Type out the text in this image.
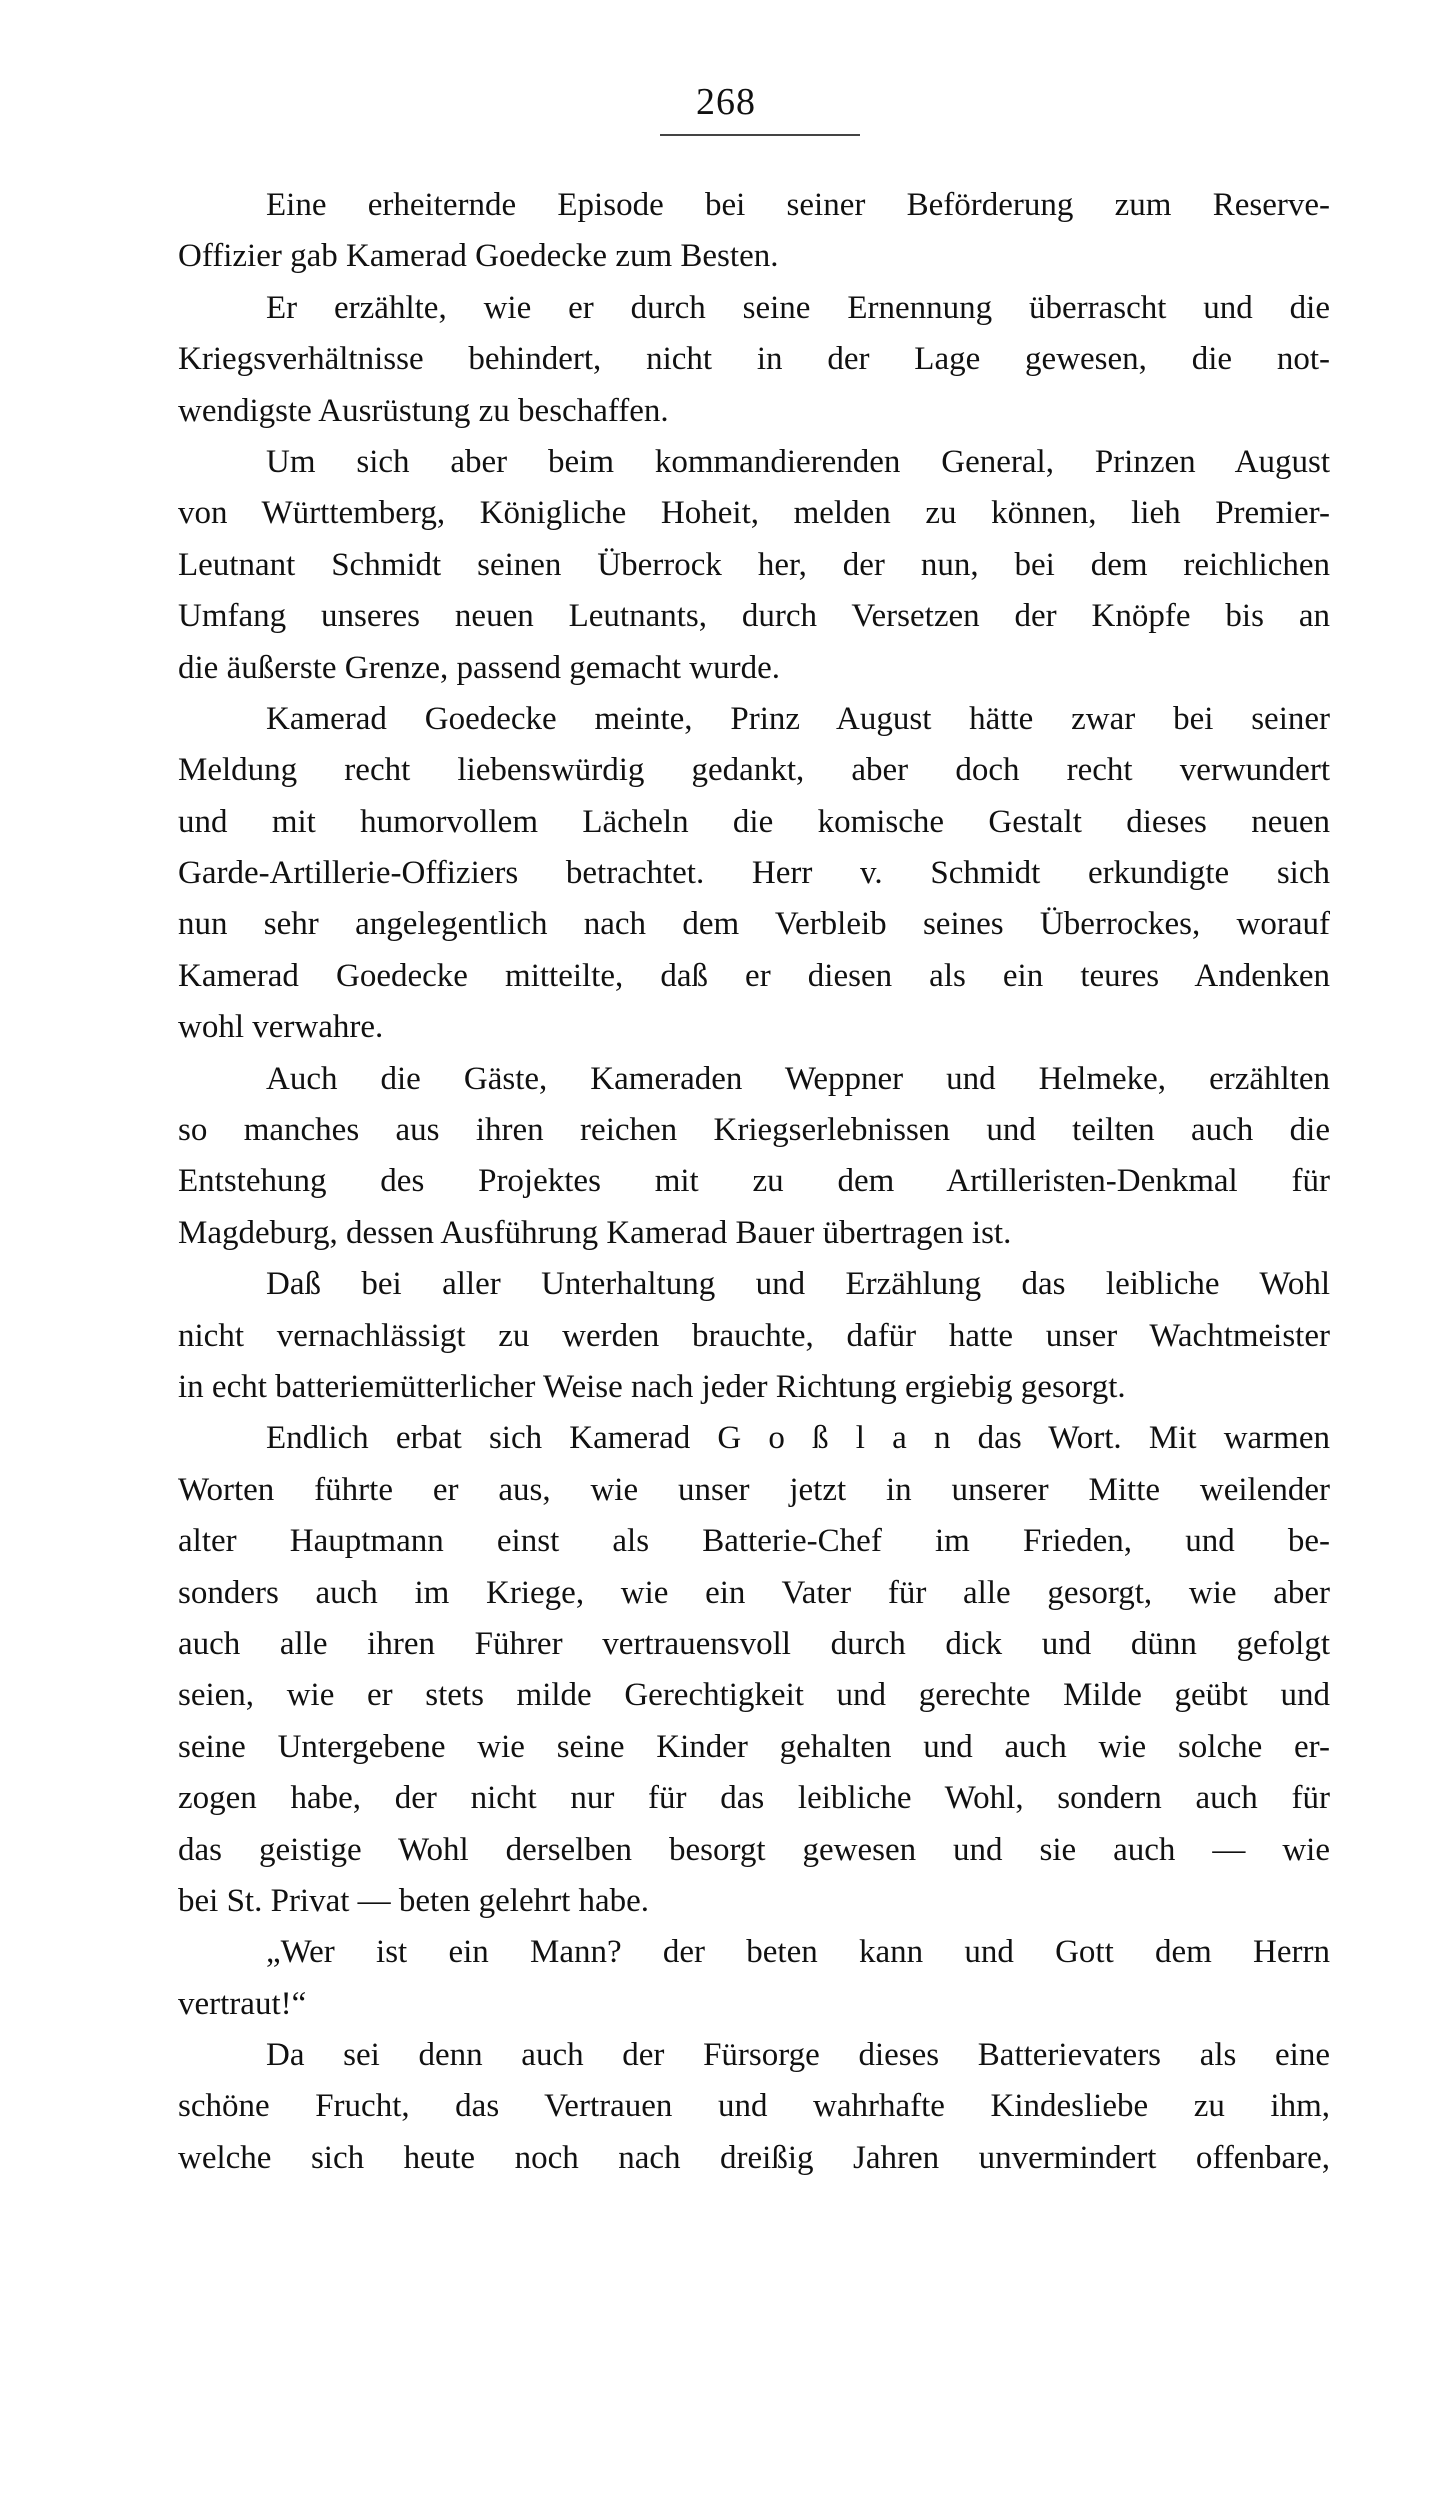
268
Eine erheiternde Episode bei seiner Beförderung zum Reserve-
Offizier gab Kamerad Goedecke zum Besten.
Er erzählte, wie er durch seine Ernennung überrascht und die
Kriegsverhältnisse behindert, nicht in der Lage gewesen, die not-
wendigste Ausrüstung zu beschaffen.
Um sich aber beim kommandierenden General, Prinzen August
von Württemberg, Königliche Hoheit, melden zu können, lieh Premier-
Leutnant Schmidt seinen Überrock her, der nun, bei dem reichlichen
Umfang unseres neuen Leutnants, durch Versetzen der Knöpfe bis an
die äußerste Grenze, passend gemacht wurde.
Kamerad Goedecke meinte, Prinz August hätte zwar bei seiner
Meldung recht liebenswürdig gedankt, aber doch recht verwundert
und mit humorvollem Lächeln die komische Gestalt dieses neuen
Garde-Artillerie-Offiziers betrachtet. Herr v. Schmidt erkundigte sich
nun sehr angelegentlich nach dem Verbleib seines Überrockes, worauf
Kamerad Goedecke mitteilte, daß er diesen als ein teures Andenken
wohl verwahre.
Auch die Gäste, Kameraden Weppner und Helmeke, erzählten
so manches aus ihren reichen Kriegserlebnissen und teilten auch die
Entstehung des Projektes mit zu dem Artilleristen-Denkmal für
Magdeburg, dessen Ausführung Kamerad Bauer übertragen ist.
Daß bei aller Unterhaltung und Erzählung das leibliche Wohl
nicht vernachlässigt zu werden brauchte, dafür hatte unser Wachtmeister
in echt batteriemütterlicher Weise nach jeder Richtung ergiebig gesorgt.
Endlich erbat sich Kamerad G o ß l a n das Wort. Mit warmen
Worten führte er aus, wie unser jetzt in unserer Mitte weilender
alter Hauptmann einst als Batterie-Chef im Frieden, und be-
sonders auch im Kriege, wie ein Vater für alle gesorgt, wie aber
auch alle ihren Führer vertrauensvoll durch dick und dünn gefolgt
seien, wie er stets milde Gerechtigkeit und gerechte Milde geübt und
seine Untergebene wie seine Kinder gehalten und auch wie solche er-
zogen habe, der nicht nur für das leibliche Wohl, sondern auch für
das geistige Wohl derselben besorgt gewesen und sie auch — wie
bei St. Privat — beten gelehrt habe.
„Wer ist ein Mann? der beten kann und Gott dem Herrn
vertraut!“
Da sei denn auch der Fürsorge dieses Batterievaters als eine
schöne Frucht, das Vertrauen und wahrhafte Kindesliebe zu ihm,
welche sich heute noch nach dreißig Jahren unvermindert offenbare,
